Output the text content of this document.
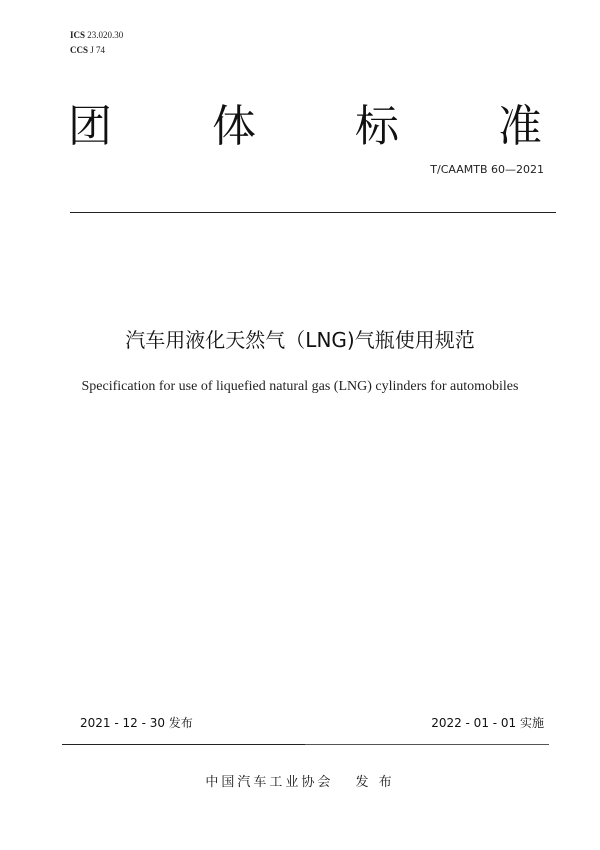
ICS 23.020.30
CCS J 74
团 体 标 准
T/CAAMTB 60—2021
汽车用液化天然气（LNG)气瓶使用规范
Specification for use of liquefied natural gas (LNG) cylinders for automobiles
2021 - 12 - 30 发布	2022 - 01 - 01 实施
中国汽车工业协会 发 布
